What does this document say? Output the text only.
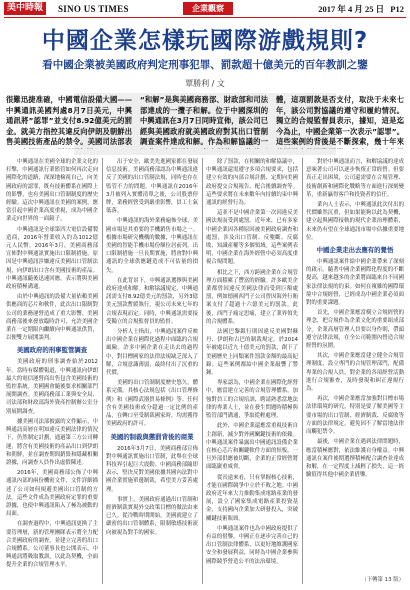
美中時報	SINO US TIMES	企業觀察	2017 年 4 月 25 日 P12
中國企業怎樣玩國際游戲規則?
看中國企業被美國政府判定刑事犯罪、罰款超十億美元的百年教訓之鑒
覃勝利 / 文
很難迅捷准確，中國電信設備大國——中興通訊美國判處8月7日美元，中興通訊將”認罪”並支付8.92億美元的罰金。就美方指控其違反向伊朗及朝鮮出售美國技術產品的禁令。美國司法部表
“和解”是與美國商務部、財政部和司法部達成的一攬子和解。位于中國深圳的中興通訊在3月7日同時宣佈，該公司已經與美國政府就美國政府對其出口管制調查案件達成和解。作為和解協議的一
體，這項罰款是否支付，取決于未來七年，該公司對協議的遵守和履約情況。獨立的合規監督員表示，據知，這是迄今為止，中國企業第一次表示”認罪”。這些案例的背後是不斷探索，幾十年來

中興通訊在美國全球的企業文化的打擊，中國通訊行業監管如何再次走向國際化的道路，深深地檢視自己，向美國政府的認罪，既有技術體系在國際上的影響，也有美國出口管制制度的歷史經驗。這次中興通訊在美國的案例，應當引起中國企業高度重視，成為中國企業走向世界的一面鏡子。

中興通訊是全球第四大電信設備製造商，2016年營業收入約為1012億元人民幣。2016年3月，美國商務部宣佈對中興通訊實施出口限制措施，原因是中興通訊涉嫌違反美國出口管制法規，向伊朗出口含有美國技術的產品。中興通訊隨後迅速回應，表示將與美國政府積極溝通。

由於中興通訊的設備大量依賴美國供應商的芯片和軟件，此次出口限制對公司的業務運營造成了重大影響。美國商務部後來發放臨時許可，允許美國企業在一定期限內繼續向中興通訊供貨，以便雙方展開談判。

美國政府的刑事監管調查

美國政府的刑事調查始於2012年。當時有媒體報道，中興通訊向伊朗最大的電信運營商出售包含美國技術的監控系統。美國國會隨後要求相關部門展開調查。美國商務部工業與安全局、司法部和財政部海外資產控制辦公室分別展開調查。

據美國司法部披露的文件顯示，中興通訊高層在明知違反美國法律的情況下，仍然制定計劃，通過第三方公司轉運，將含有美國技術的產品出口到伊朗和朝鮮，並在調查期間銷毀和隱藏相關證據，向調查人員作出虛假陳述。

2016年，美國商務部公佈了中興通訊內部的兩份機密文件，文件詳細描述了公司如何規避美國出口管制的方法。這些文件成為美國政府定罪的重要證據，也使中興通訊陷入了極為被動的局面。

在調查過程中，中興通訊更換了主要管理層，新的管理團隊表示將全力配合美國政府的調查，並建立完善的出口合規體系。公司董事長也公開表示，中興通訊將吸取教訓，以此為契機，全面提升企業的合規管理水平。

出于安全，歐美先進國家都在發展信息技術。美國商務部認為中興通訊違反了美國的出口管制法規，同時也存在監管不力的問題。中興通訊在2016年3月被列入實體清單之後，公司股票停牌，業務經營受到嚴重影響，員工士氣低落。

中興通訊的海外業務遍佈全球，美國市場是其重要的手機銷售市場之一。根據市場研究機構的數據，中興通訊在美國的智能手機市場份額位居前列。出口限制措施一旦長期實施，將會對中興通訊的全球供應鏈造成不可估量的損失。

在此背景下，中興通訊選擇與美國政府達成和解。和解協議規定，中興通訊需支付8.92億美元的罰款，另外3億美元罰款暫緩執行，視公司未來七年的合規表現而定。同時，中興通訊需要接受獨立的合規監督員的監督。

分析人士指出，中興通訊案件反映出中國企業在國際化過程中面臨的合規風險。許多中國企業在走出去的過程中，對目標國家的法律法規缺乏深入了解，合規意識薄弱，最終付出了沉重的代價。

美國的出口管制制度歷史悠久，體系完備。其核心法規包括《出口管理條例》和《國際武器貿易條例》等。任何含有美國技術成分超過一定比例的產品，在轉口至受制裁國家時，均需獲得美國政府的許可。

美國的制裁與懲罰背後的商業

2016年3月7日，美國商務部宣佈對中興通訊實施出口管制，此舉在全球科技界引起巨大震動。中國商務部隨即表示，堅決反對美國依據其國內法對中國企業實施單邊制裁，希望美方妥善處理。

事實上，美國政府通過出口管制和經濟制裁實現外交政策目標的做法由來已久。從冷戰時期開始，美國就建立了嚴密的出口管制體系，限制敏感技術流向被視為對手的國家。

除了罰款，在相關的和解協議中，中興通訊還需遵守多項合規要求，包括建立有效的內部合規計劃、定期向美國政府提交合規報告、配合後續調查等。這些要求將在未來數年內持續約束中興通訊的經營行為。

這並不是中國企業第一次因違反美國法規而受到處罰。近年來，已有多家中國企業因各種原因被美國政府調查和處罰，涉及出口管制、反壟斷、反腐敗、知識產權等多個領域。這些案例表明，中國企業在海外經營中必須高度重視合規問題。

相比之下，西方跨國企業在合規管理方面積累了豐富的經驗。許多歐美企業都曾因違反美國法律而受到巨額處罰，例如德國西門子公司曾因海外行賄案支付了超過十六億美元的罰款。此後，西門子痛定思痛，建立了業界領先的合規體系。

法國巴黎銀行則因違反美國對蘇丹、伊朗和古巴的制裁規定，於2014年被處以近九十億美元的罰款，創下了美國歷史上同類案件罰款金額的最高紀錄。這些案例都給中國企業敲響了警鐘。

專家認為，中國企業在國際化經營中，應當建立完善的合規管理體系，加強對員工的合規培訓，聘請熟悉當地法律的專業人士，並在發生問題時積極與監管部門溝通，爭取從輕處理。

此外，中國企業還應當重視技術自主創新，減少對外國關鍵技術的依賴。中興通訊案件暴露出中國通訊設備企業在核心芯片和關鍵軟件方面的短板，一旦外部供應被切斷，企業的正常經營將面臨嚴重威脅。

從長遠來看，只有掌握核心技術，才能在國際競爭中立於不敗之地。中國政府近年來大力推動集成電路產業的發展，設立了國家集成電路產業投資基金，支持國內企業加大研發投入，突破關鍵技術瓶頸。

中興通訊案件也為中國政府提供了有益的借鑒。中國正在逐步完善自己的出口管制法律體系，以更好地維護國家安全和發展利益，同時為中國企業參與國際競爭營造公平的法治環境。

對於中興通訊而言，和解協議的達成意味著公司可以逐步恢復正常經營。但要真正走出困境，公司還需要在合規管理、技術創新和國際化戰略等方面進行深刻變革，重新贏得客戶和投資者的信任。

業內人士表示，中興通訊此次付出的代價雖然沉重，但如果能夠以此為契機，建立起與國際接軌的現代企業治理體系，未來仍有望在全球通訊市場中佔據重要地位。

中國企業走出去應有的覺悟

中興通訊案件給中國企業帶來了深刻的啟示。隨著中國企業國際化程度的不斷提高，越來越多的企業將面臨來自不同國家法律法規的約束。如何在複雜的國際環境中合規經營，已經成為中國企業必須面對的重要課題。

首先，中國企業應當樹立合規經營的理念，把合規作為企業文化的重要組成部分。企業高層管理人員要以身作則，帶頭遵守法律法規，在全公司範圍內營造合規經營的氛圍。

其次，中國企業應當建立健全合規管理制度，設立專門的合規管理部門，配備專業的合規人員，對企業的各項經營活動進行合規審查，及時發現和糾正違規行為。

再次，中國企業應當加強對目標市場法律環境的研究，特別是要了解美國等主要市場的出口管制、經濟制裁、反腐敗等方面的法律規定，避免因不了解當地法律而觸犯禁令。

最後，中國企業在遇到法律問題時，應當積極應對，依法維護自身權益。中興通訊在案件後期選擇積極配合調查並達成和解，在一定程度上減輕了損失，這一經驗值得其他中國企業借鑒。

（下轉第 13 版）
